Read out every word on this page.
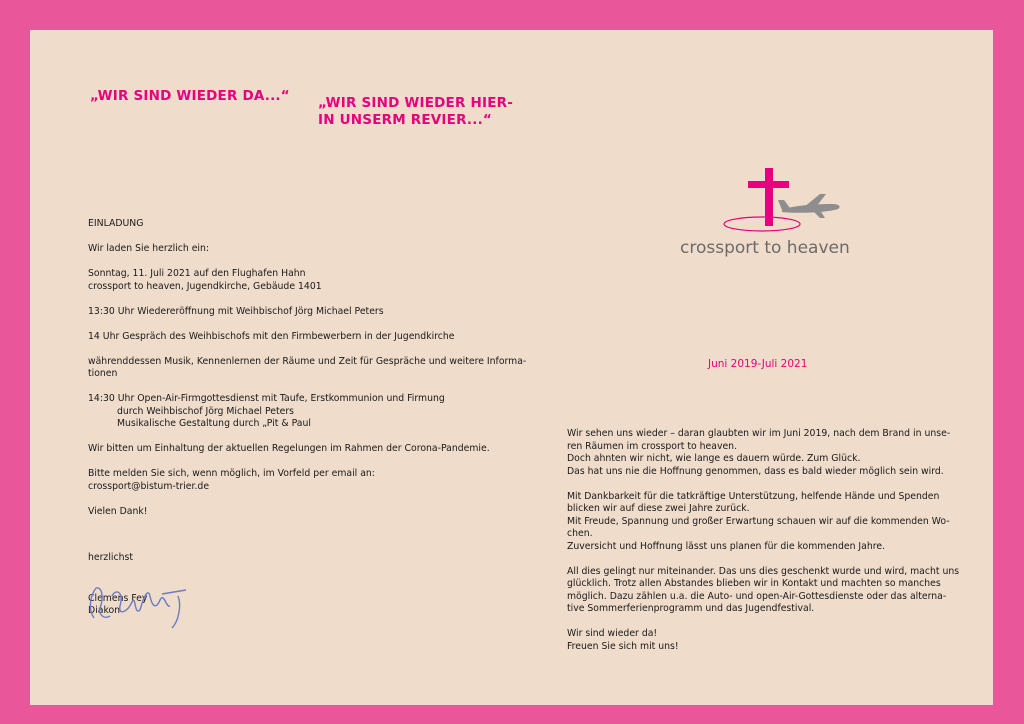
„WIR SIND WIEDER DA...“ „WIR SIND WIEDER HIER-
IN UNSERM REVIER...“

EINLADUNG

Wir laden Sie herzlich ein:

Sonntag, 11. Juli 2021 auf den Flughafen Hahn
crossport to heaven, Jugendkirche, Gebäude 1401

13:30 Uhr Wiedereröffnung mit Weihbischof Jörg Michael Peters

14 Uhr Gespräch des Weihbischofs mit den Firmbewerbern in der Jugendkirche

währenddessen Musik, Kennenlernen der Räume und Zeit für Gespräche und weitere Informa-
tionen

14:30 Uhr Open-Air-Firmgottesdienst mit Taufe, Erstkommunion und Firmung
durch Weihbischof Jörg Michael Peters
Musikalische Gestaltung durch „Pit & Paul

Wir bitten um Einhaltung der aktuellen Regelungen im Rahmen der Corona-Pandemie.

Bitte melden Sie sich, wenn möglich, im Vorfeld per email an:
crossport@bistum-trier.de

Vielen Dank!

herzlichst
Clemens Fey
Diakon
crossport to heaven
Juni 2019-Juli 2021

Wir sehen uns wieder – daran glaubten wir im Juni 2019, nach dem Brand in unse-
ren Räumen im crossport to heaven.
Doch ahnten wir nicht, wie lange es dauern würde. Zum Glück.
Das hat uns nie die Hoffnung genommen, dass es bald wieder möglich sein wird.

Mit Dankbarkeit für die tatkräftige Unterstützung, helfende Hände und Spenden
blicken wir auf diese zwei Jahre zurück.
Mit Freude, Spannung und großer Erwartung schauen wir auf die kommenden Wo-
chen.
Zuversicht und Hoffnung lässt uns planen für die kommenden Jahre.

All dies gelingt nur miteinander. Das uns dies geschenkt wurde und wird, macht uns
glücklich. Trotz allen Abstandes blieben wir in Kontakt und machten so manches
möglich. Dazu zählen u.a. die Auto- und open-Air-Gottesdienste oder das alterna-
tive Sommerferienprogramm und das Jugendfestival.

Wir sind wieder da!
Freuen Sie sich mit uns!
